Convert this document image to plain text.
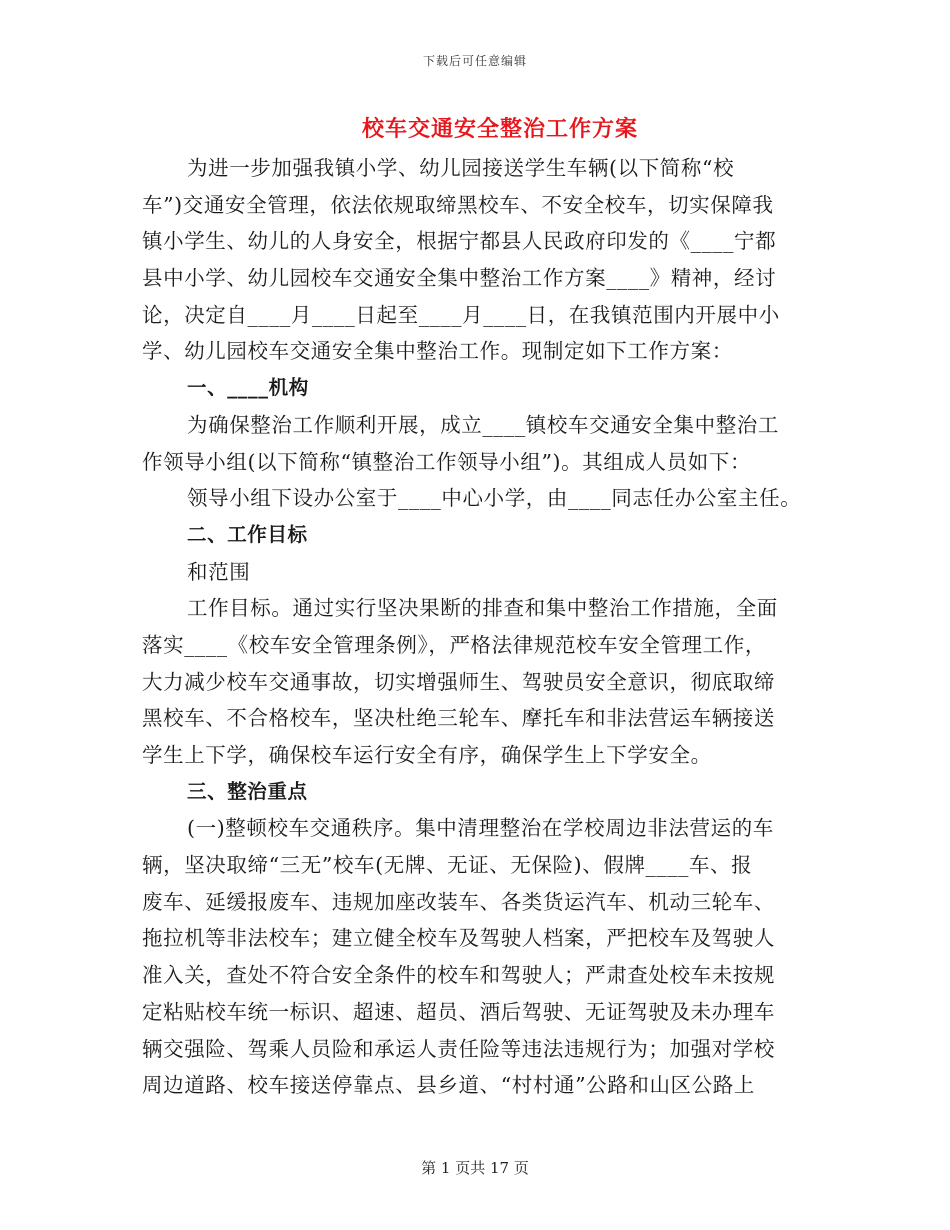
下载后可任意编辑
校车交通安全整治工作方案
为进一步加强我镇小学、幼儿园接送学生车辆(以下简称“校
车”)交通安全管理，依法依规取缔黑校车、不安全校车，切实保障我
镇小学生、幼儿的人身安全，根据宁都县人民政府印发的《____宁都
县中小学、幼儿园校车交通安全集中整治工作方案____》精神，经讨
论，决定自____月____日起至____月____日，在我镇范围内开展中小
学、幼儿园校车交通安全集中整治工作。现制定如下工作方案：
一、____机构
为确保整治工作顺利开展，成立____镇校车交通安全集中整治工
作领导小组(以下简称“镇整治工作领导小组”)。其组成人员如下：
领导小组下设办公室于____中心小学，由____同志任办公室主任。
二、工作目标
和范围
工作目标。通过实行坚决果断的排查和集中整治工作措施，全面
落实____《校车安全管理条例》，严格法律规范校车安全管理工作，
大力减少校车交通事故，切实增强师生、驾驶员安全意识，彻底取缔
黑校车、不合格校车，坚决杜绝三轮车、摩托车和非法营运车辆接送
学生上下学，确保校车运行安全有序，确保学生上下学安全。
三、整治重点
(一)整顿校车交通秩序。集中清理整治在学校周边非法营运的车
辆，坚决取缔“三无”校车(无牌、无证、无保险)、假牌____车、报
废车、延缓报废车、违规加座改装车、各类货运汽车、机动三轮车、
拖拉机等非法校车；建立健全校车及驾驶人档案，严把校车及驾驶人
准入关，查处不符合安全条件的校车和驾驶人；严肃查处校车未按规
定粘贴校车统一标识、超速、超员、酒后驾驶、无证驾驶及未办理车
辆交强险、驾乘人员险和承运人责任险等违法违规行为；加强对学校
周边道路、校车接送停靠点、县乡道、“村村通”公路和山区公路上
第 1 页共 17 页
